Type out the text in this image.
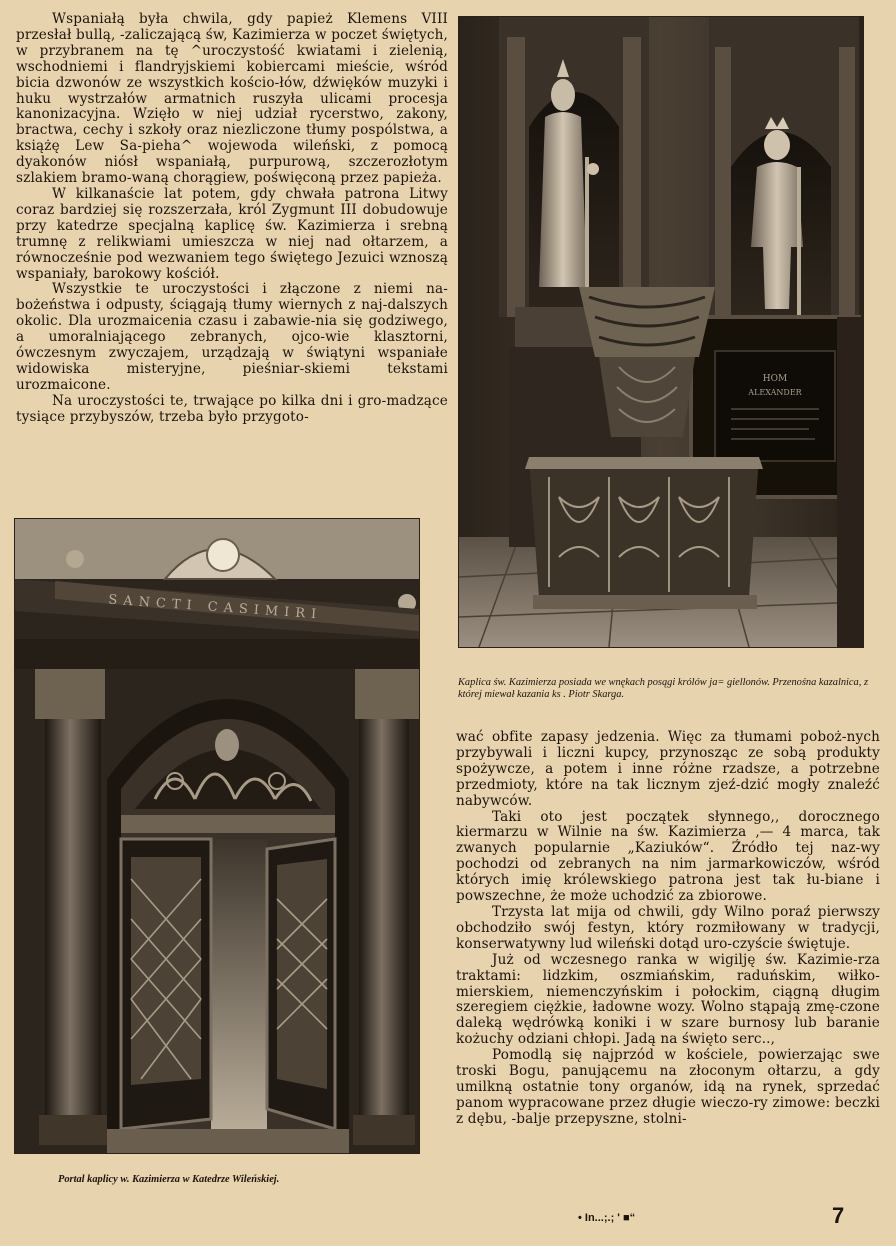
Wspaniałą była chwila, gdy papież Klemens VIII przesłał bullą, -zaliczającą św, Kazimierza w poczet świętych, w przybranem na tę ^uroczystość kwiatami i zielenią, wschodniemi i flandryjskiemi kobiercami mieście, wśród bicia dzwonów ze wszystkich kościo-łów, dźwięków muzyki i huku wystrzałów armatnich ruszyła ulicami procesja kanonizacyjna. Wzięło w niej udział rycerstwo, zakony, bractwa, cechy i szkoły oraz niezliczone tłumy pospólstwa, a książę Lew Sa-pieha^ wojewoda wileński, z pomocą dyakonów niósł wspaniałą, purpurową, szczerozłotym szlakiem bramo-waną chorągiew, poświęconą przez papieża.

W kilkanaście lat potem, gdy chwała patrona Litwy coraz bardziej się rozszerzała, król Zygmunt III dobudowuje przy katedrze specjalną kaplicę św. Kazimierza i srebną trumnę z relikwiami umieszcza w niej nad ołtarzem, a równocześnie pod wezwaniem tego świętego Jezuici wznoszą wspaniały, barokowy kościół.

Wszystkie te uroczystości i złączone z niemi na-bożeństwa i odpusty, ściągają tłumy wiernych z naj-dalszych okolic. Dla urozmaicenia czasu i zabawie-nia się godziwego, a umoralniającego zebranych, ojco-wie klasztorni, ówczesnym zwyczajem, urządzają w świątyni wspaniałe widowiska misteryjne, pieśniar-skiemi tekstami urozmaicone.

Na uroczystości te, trwające po kilka dni i gro-madzące tysiące przybyszów, trzeba było przygoto-

HOM
ALEXANDER
Kaplica św. Kazimierza posiada we wnękach posągi królów ja= giellonów. Przenośna kazalnica, z której miewał kazania ks . Piotr Skarga.
SANCTI CASIMIRI
Portal kaplicy w. Kazimierza w Katedrze Wileńskiej.

wać obfite zapasy jedzenia. Więc za tłumami poboż-nych przybywali i liczni kupcy, przynosząc ze sobą produkty spożywcze, a potem i inne różne rzadsze, a potrzebne przedmioty, które na tak licznym zjeź-dzić mogły znaleźć nabywców.

Taki oto jest początek słynnego,, dorocznego kiermarzu w Wilnie na św. Kazimierza ,— 4 marca, tak zwanych popularnie „Kaziuków“. Źródło tej naz-wy pochodzi od zebranych na nim jarmarkowiczów, wśród których imię królewskiego patrona jest tak łu-biane i powszechne, że może uchodzić za zbiorowe.

Trzysta lat mija od chwili, gdy Wilno poraź pierwszy obchodziło swój festyn, który rozmiłowany w tradycji, konserwatywny lud wileński dotąd uro-czyście świętuje.

Już od wczesnego ranka w wigilję św. Kazimie-rza traktami: lidzkim, oszmiańskim, raduńskim, wiłko-mierskiem, niemenczyńskim i połockim, ciągną długim szeregiem ciężkie, ładowne wozy. Wolno stąpają zmę-czone daleką wędrówką koniki i w szare burnosy lub baranie kożuchy odziani chłopi. Jadą na święto serc..,

Pomodlą się najprzód w kościele, powierzając swe troski Bogu, panującemu na złoconym ołtarzu, a gdy umilkną ostatnie tony organów, idą na rynek, sprzedać panom wypracowane przez długie wieczo-ry zimowe: beczki z dębu, -balje przepyszne, stolni-

• In...;.; ' ■“	7
